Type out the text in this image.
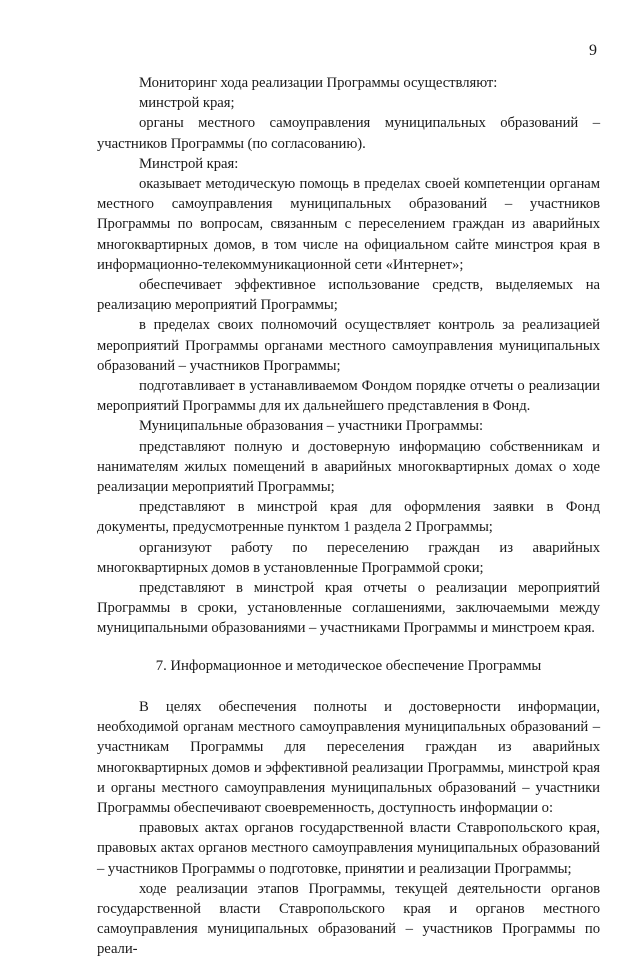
9

Мониторинг хода реализации Программы осуществляют:

минстрой края;

органы местного самоуправления муниципальных образований – участников Программы (по согласованию).

Минстрой края:

оказывает методическую помощь в пределах своей компетенции органам местного самоуправления муниципальных образований – участников Программы по вопросам, связанным с переселением граждан из аварийных многоквартирных домов, в том числе на официальном сайте минстроя края в информационно-телекоммуникационной сети «Интернет»;

обеспечивает эффективное использование средств, выделяемых на реализацию мероприятий Программы;

в пределах своих полномочий осуществляет контроль за реализацией мероприятий Программы органами местного самоуправления муниципальных образований – участников Программы;

подготавливает в устанавливаемом Фондом порядке отчеты о реализации мероприятий Программы для их дальнейшего представления в Фонд.

Муниципальные образования – участники Программы:

представляют полную и достоверную информацию собственникам и нанимателям жилых помещений в аварийных многоквартирных домах о ходе реализации мероприятий Программы;

представляют в минстрой края для оформления заявки в Фонд документы, предусмотренные пунктом 1 раздела 2 Программы;

организуют работу по переселению граждан из аварийных многоквартирных домов в установленные Программой сроки;

представляют в минстрой края отчеты о реализации мероприятий Программы в сроки, установленные соглашениями, заключаемыми между муниципальными образованиями – участниками Программы и минстроем края.

7. Информационное и методическое обеспечение Программы

В целях обеспечения полноты и достоверности информации, необходимой органам местного самоуправления муниципальных образований – участникам Программы для переселения граждан из аварийных многоквартирных домов и эффективной реализации Программы, минстрой края и органы местного самоуправления муниципальных образований – участники Программы обеспечивают своевременность, доступность информации о:

правовых актах органов государственной власти Ставропольского края, правовых актах органов местного самоуправления муниципальных образований – участников Программы о подготовке, принятии и реализации Программы;

ходе реализации этапов Программы, текущей деятельности органов государственной власти Ставропольского края и органов местного самоуправления муниципальных образований – участников Программы по реали-
